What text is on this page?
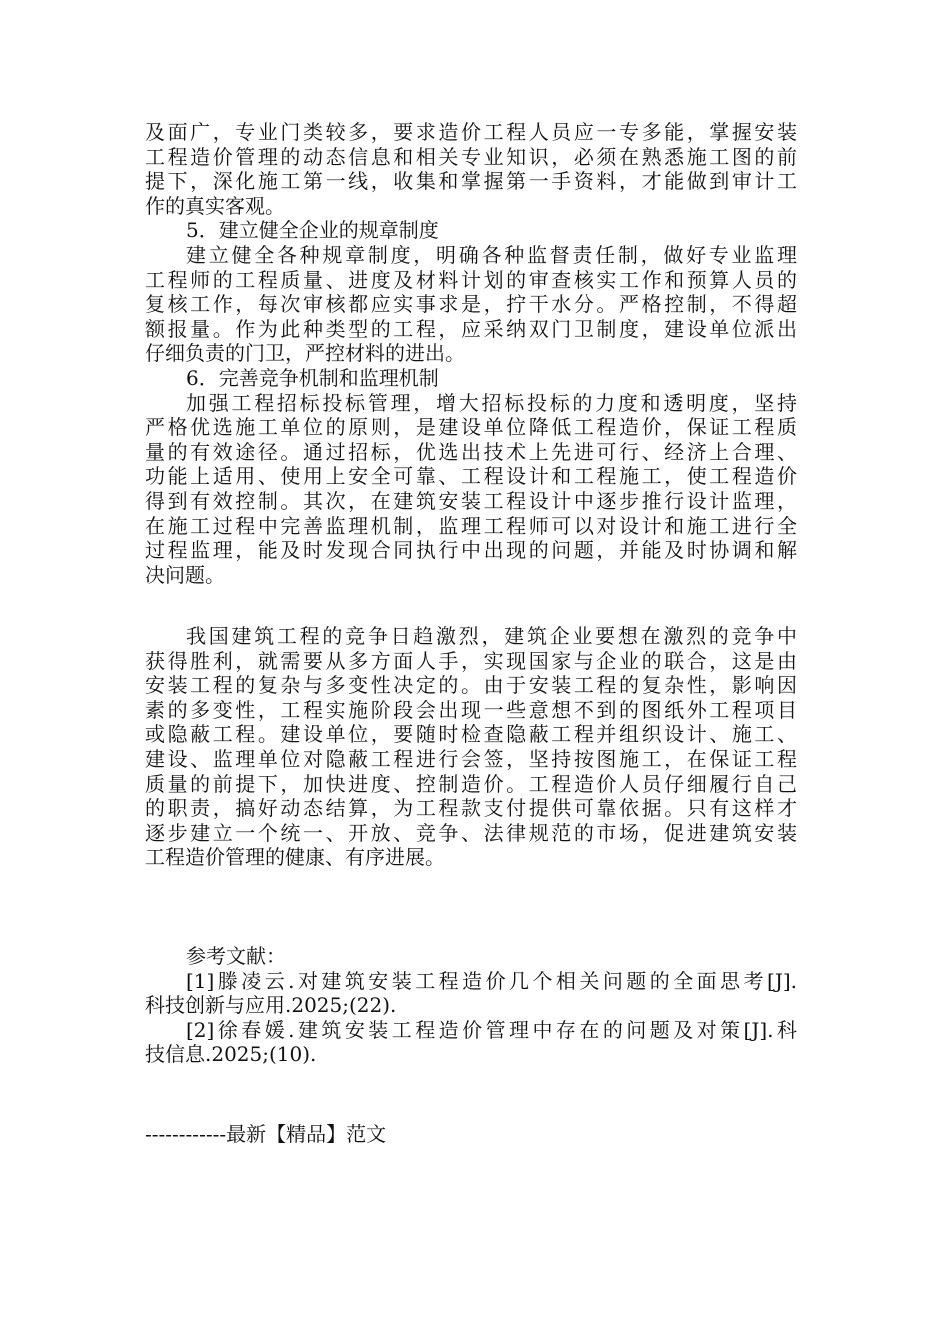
及面广，专业门类较多，要求造价工程人员应一专多能，掌握安装
工程造价管理的动态信息和相关专业知识，必须在熟悉施工图的前
提下，深化施工第一线，收集和掌握第一手资料，才能做到审计工
作的真实客观。
5．建立健全企业的规章制度
建立健全各种规章制度，明确各种监督责任制，做好专业监理
工程师的工程质量、进度及材料计划的审查核实工作和预算人员的
复核工作，每次审核都应实事求是，拧干水分。严格控制，不得超
额报量。作为此种类型的工程，应采纳双门卫制度，建设单位派出
仔细负责的门卫，严控材料的进出。
6．完善竞争机制和监理机制
加强工程招标投标管理，增大招标投标的力度和透明度，坚持
严格优选施工单位的原则，是建设单位降低工程造价，保证工程质
量的有效途径。通过招标，优选出技术上先进可行、经济上合理、
功能上适用、使用上安全可靠、工程设计和工程施工，使工程造价
得到有效控制。其次，在建筑安装工程设计中逐步推行设计监理，
在施工过程中完善监理机制，监理工程师可以对设计和施工进行全
过程监理，能及时发现合同执行中出现的问题，并能及时协调和解
决问题。
我国建筑工程的竞争日趋激烈，建筑企业要想在激烈的竞争中
获得胜利，就需要从多方面人手，实现国家与企业的联合，这是由
安装工程的复杂与多变性决定的。由于安装工程的复杂性，影响因
素的多变性，工程实施阶段会出现一些意想不到的图纸外工程项目
或隐蔽工程。建设单位，要随时检查隐蔽工程并组织设计、施工、
建设、监理单位对隐蔽工程进行会签，坚持按图施工，在保证工程
质量的前提下，加快进度、控制造价。工程造价人员仔细履行自己
的职责，搞好动态结算，为工程款支付提供可靠依据。只有这样才
逐步建立一个统一、开放、竞争、法律规范的市场，促进建筑安装
工程造价管理的健康、有序进展。
参考文献：
[1]滕凌云.对建筑安装工程造价几个相关问题的全面思考[J].
科技创新与应用.2025;(22).
[2]徐春媛.建筑安装工程造价管理中存在的问题及对策[J].科
技信息.2025;(10).
------------最新【精品】范文
